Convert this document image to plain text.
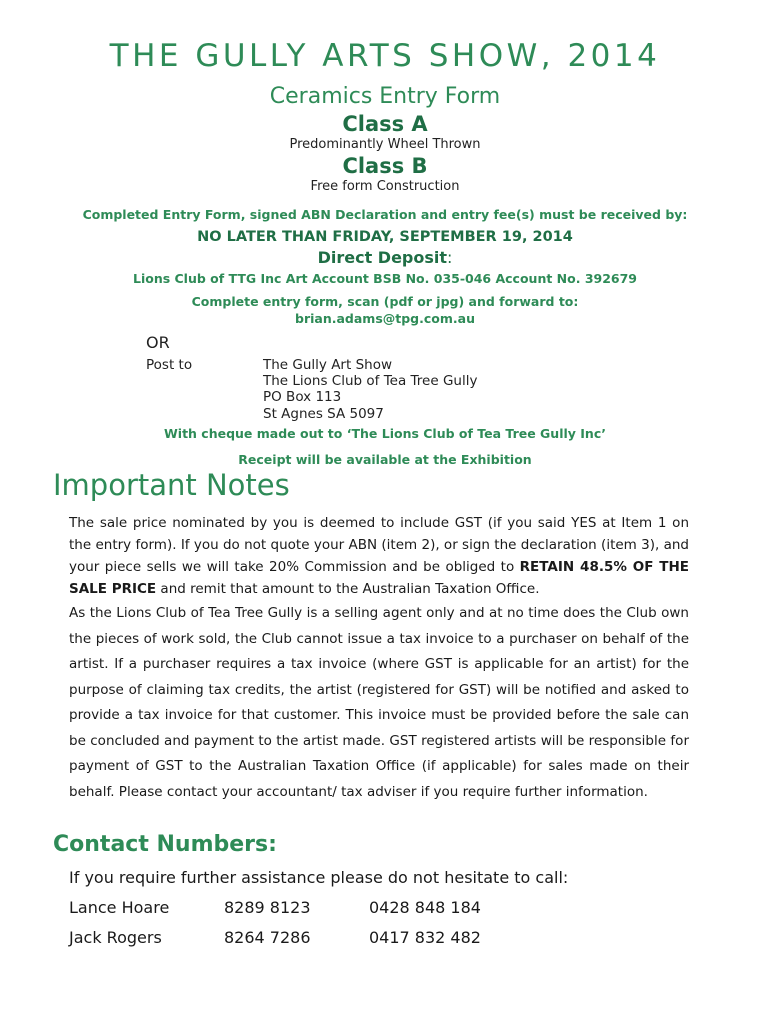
THE GULLY ARTS SHOW, 2014
Ceramics Entry Form
Class A
Predominantly Wheel Thrown
Class B
Free form Construction
Completed Entry Form, signed ABN Declaration and entry fee(s) must be received by:
NO LATER THAN FRIDAY, SEPTEMBER 19, 2014
Direct Deposit:
Lions Club of TTG Inc Art Account BSB No. 035-046 Account No. 392679
Complete entry form, scan (pdf or jpg) and forward to:
brian.adams@tpg.com.au
OR
Post to	The Gully Art Show
The Lions Club of Tea Tree Gully
PO Box 113
St Agnes SA 5097
With cheque made out to ‘The Lions Club of Tea Tree Gully Inc’
Receipt will be available at the Exhibition
Important Notes
The sale price nominated by you is deemed to include GST (if you said YES at Item 1 on the entry form). If you do not quote your ABN (item 2), or sign the declaration (item 3), and your piece sells we will take 20% Commission and be obliged to RETAIN 48.5% OF THE SALE PRICE and remit that amount to the Australian Taxation Office.
As the Lions Club of Tea Tree Gully is a selling agent only and at no time does the Club own the pieces of work sold, the Club cannot issue a tax invoice to a purchaser on behalf of the artist. If a purchaser requires a tax invoice (where GST is applicable for an artist) for the purpose of claiming tax credits, the artist (registered for GST) will be notified and asked to provide a tax invoice for that customer. This invoice must be provided before the sale can be concluded and payment to the artist made. GST registered artists will be responsible for payment of GST to the Australian Taxation Office (if applicable) for sales made on their behalf. Please contact your accountant/ tax adviser if you require further information.
Contact Numbers:
If you require further assistance please do not hesitate to call:
Lance Hoare	8289 8123	0428 848 184
Jack Rogers	8264 7286	0417 832 482
